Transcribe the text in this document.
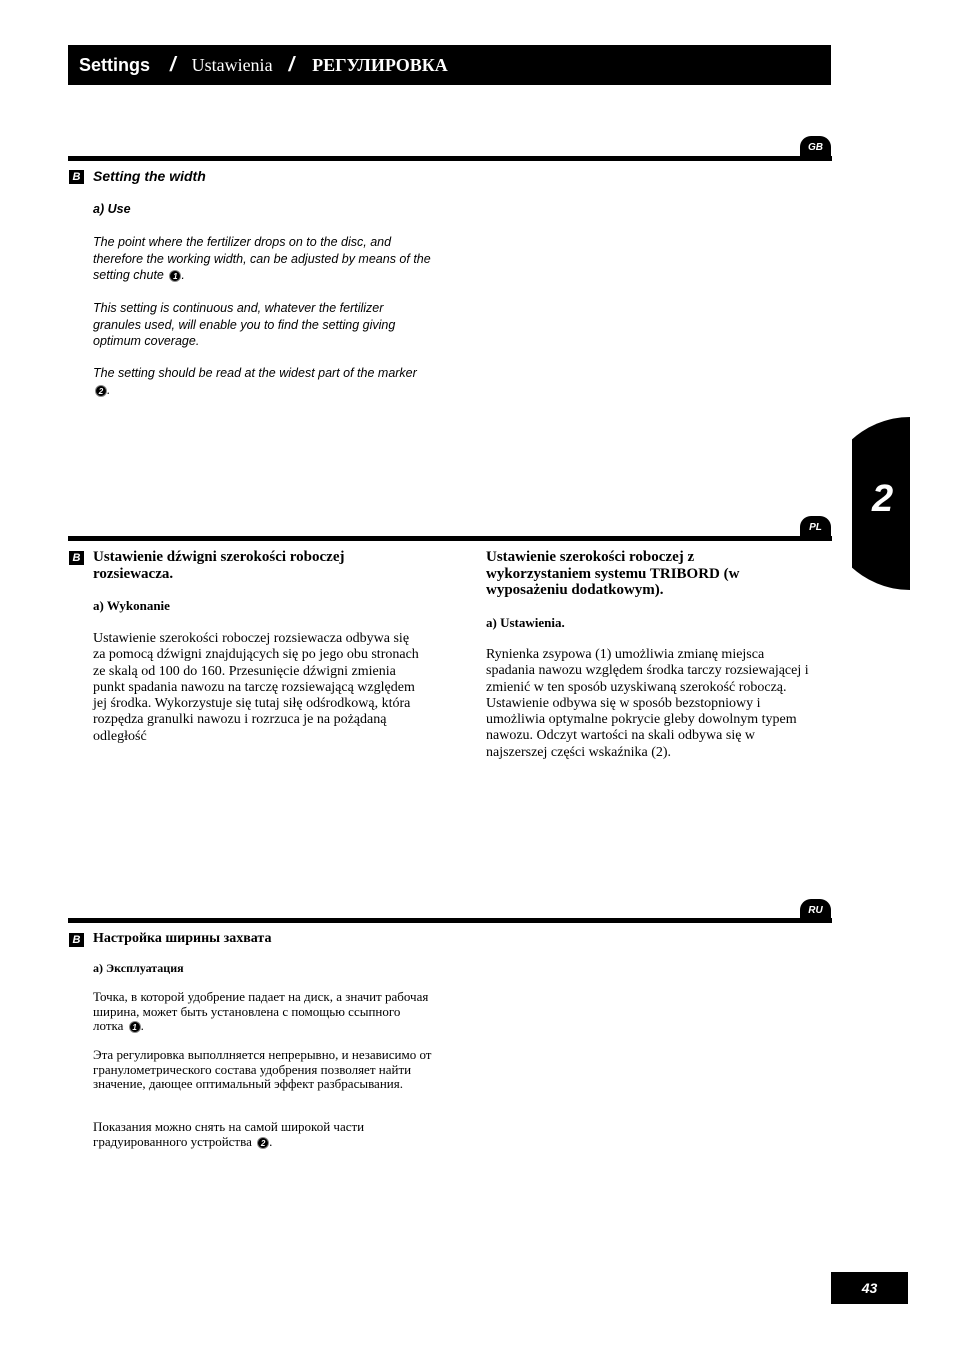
Settings / Ustawienia / РЕГУЛИРОВКА
GB
B Setting the width
a) Use
The point where the fertilizer drops on to the disc, and therefore the working width, can be adjusted by means of the setting chute 1 .
This setting is continuous and, whatever the fertilizer granules used, will enable you to find the setting giving optimum coverage.
The setting should be read at the widest part of the marker 2 .
2
PL
B Ustawienie dźwigni szerokości roboczej rozsiewacza.
a) Wykonanie
Ustawienie szerokości roboczej rozsiewacza odbywa się za pomocą dźwigni znajdujących się po jego obu stronach ze skalą od 100 do 160. Przesunięcie dźwigni zmienia punkt spadania nawozu na tarczę rozsiewającą względem jej środka. Wykorzystuje się tutaj siłę odśrodkową, która rozpędza granulki nawozu i rozrzuca je na pożądaną odległość
Ustawienie szerokości roboczej z wykorzystaniem systemu TRIBORD (w wyposażeniu dodatkowym).
a) Ustawienia.
Rynienka zsypowa (1) umożliwia zmianę miejsca spadania nawozu względem środka tarczy rozsiewającej i zmienić w ten sposób uzyskiwaną szerokość roboczą. Ustawienie odbywa się w sposób bezstopniowy i umożliwia optymalne pokrycie gleby dowolnym typem nawozu. Odczyt wartości na skali odbywa się w najszerszej części wskaźnika (2).
RU
B Настройка ширины захвата
а) Эксплуатация
Точка, в которой удобрение падает на диск, а значит рабочая ширина, может быть установлена с помощью ссыпного лотка 1 .
Эта регулировка выполлняется непрерывно, и независимо от гранулометрического состава удобрения позволяет найти значение, дающее оптимальный эффект разбрасывания.
Показания можно снять на самой широкой части градуированного устройства 2 .
43
